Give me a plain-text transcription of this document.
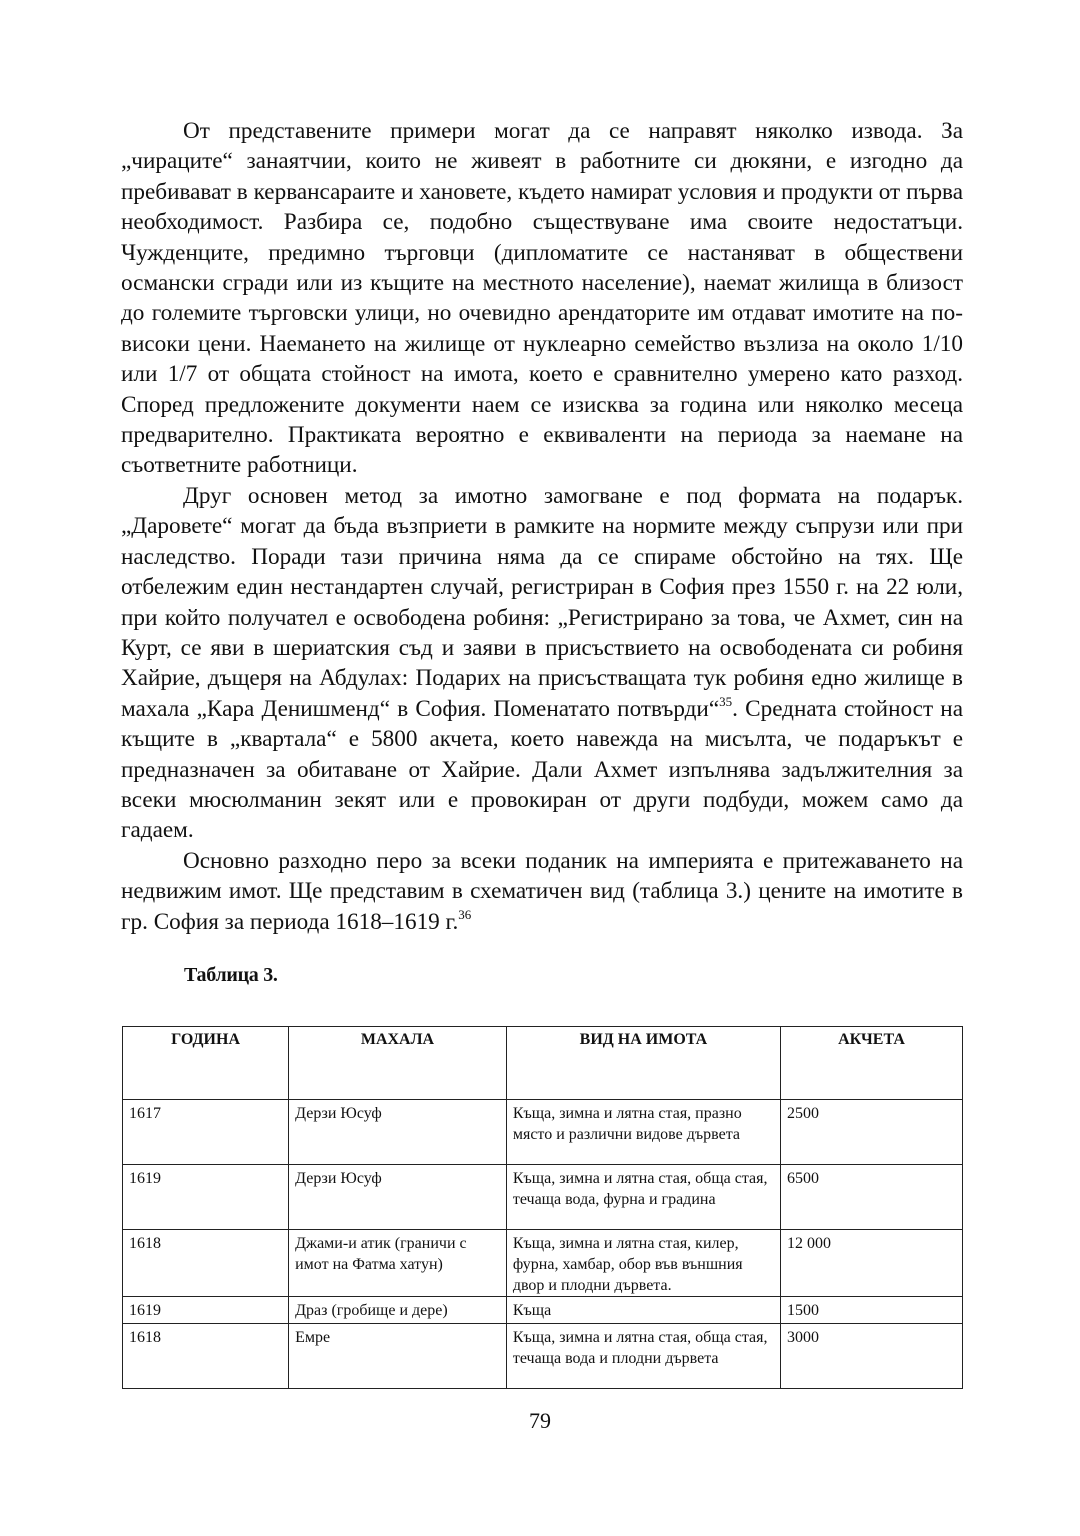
От представените примери могат да се направят няколко извода. За „чираците“ занаятчии, които не живеят в работните си дюкяни, е изгодно да пребивават в кервансараите и хановете, където намират условия и продукти от първа необходимост. Разбира се, подобно съществуване има своите недостатъци. Чужденците, предимно търговци (дипломатите се настаняват в обществени османски сгради или из къщите на местното население), наемат жилища в близост до големите търговски улици, но очевидно арендаторите им отдават имотите на по-високи цени. Наемането на жилище от нуклеарно семейство възлиза на около 1/10 или 1/7 от общата стойност на имота, което е сравнително умерено като разход. Според предложените документи наем се изисква за година или няколко месеца предварително. Практиката вероятно е еквиваленти на периода за наемане на съответните работници.

Друг основен метод за имотно замогване е под формата на подарък. „Даровете“ могат да бъда възприети в рамките на нормите между съпрузи или при наследство. Поради тази причина няма да се спираме обстойно на тях. Ще отбележим един нестандартен случай, регистриран в София през 1550 г. на 22 юли, при който получател е освободена робиня: „Регистрирано за това, че Ахмет, син на Курт, се яви в шериатския съд и заяви в присъствието на освободената си робиня Хайрие, дъщеря на Абдулах: Подарих на присъстващата тук робиня едно жилище в махала „Кара Денишменд“ в София. Поменатато потвърди“$^{35}$. Средната стойност на къщите в „квартала“ е 5800 акчета, което навежда на мисълта, че подаръкът е предназначен за обитаване от Хайрие. Дали Ахмет изпълнява задължителния за всеки мюсюлманин зекят или е провокиран от други подбуди, можем само да гадаем.

Основно разходно перо за всеки поданик на империята е притежаването на недвижим имот. Ще представим в схематичен вид (таблица 3.) цените на имотите в гр. София за периода 1618–1619 г.$^{36}$

Таблица 3.
ГОДИНА	МАХАЛА	ВИД НА ИМОТА	АКЧЕТА
1617	Дерзи Юсуф	Къща, зимна и лятна стая, празно място и различни видове дървета	2500
1619	Дерзи Юсуф	Къща, зимна и лятна стая, обща стая, течаща вода, фурна и градина	6500
1618	Джами-и атик (граничи с имот на Фатма хатун)	Къща, зимна и лятна стая, килер, фурна, хамбар, обор във външния двор и плодни дървета.	12 000
1619	Драз (гробище и дере)	Къща	1500
1618	Емре	Къща, зимна и лятна стая, обща стая, течаща вода и плодни дървета	3000
79
